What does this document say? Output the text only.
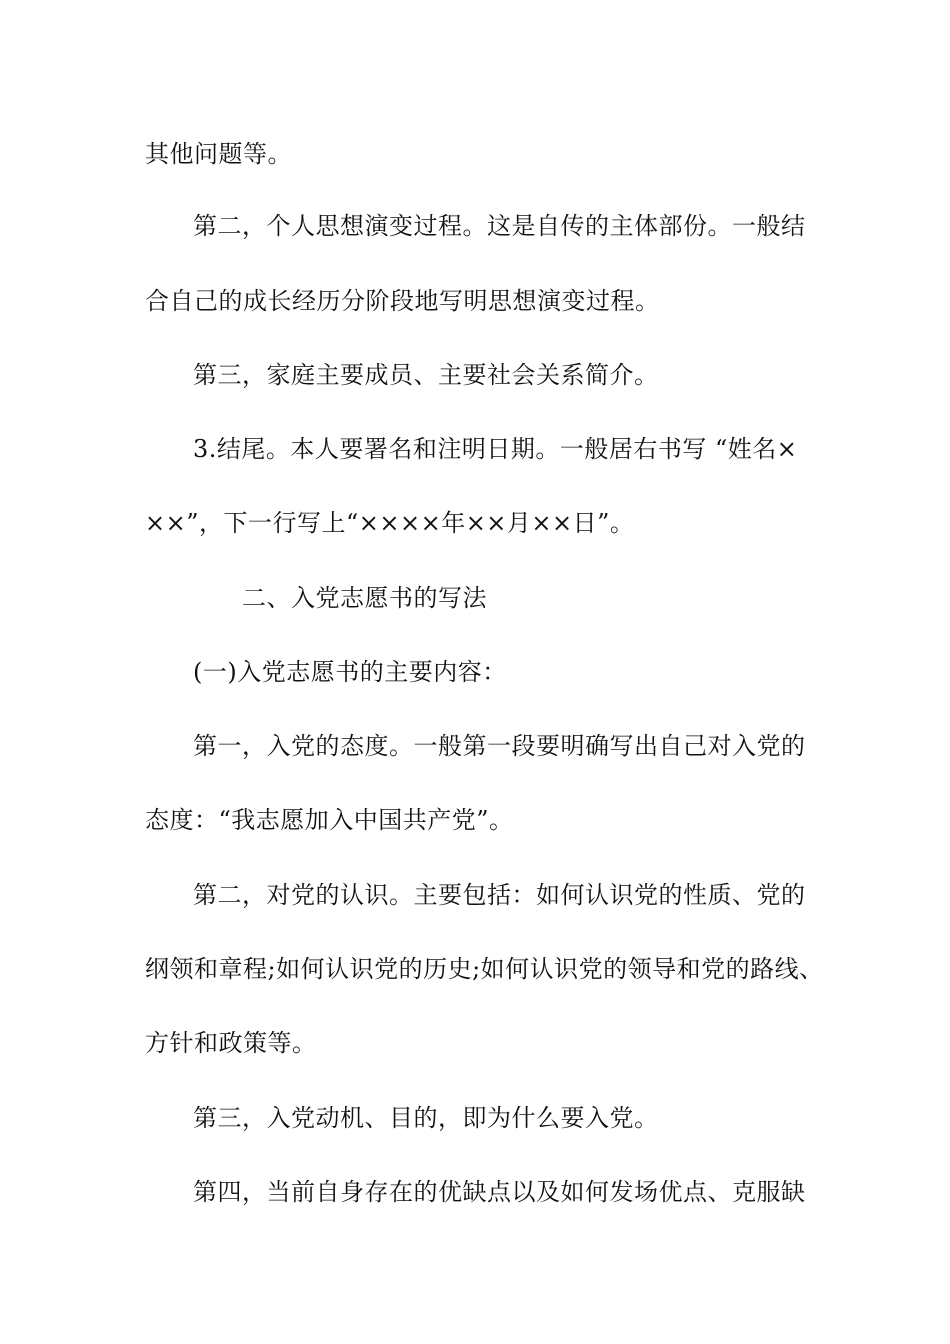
其他问题等。
第二，个人思想演变过程。这是自传的主体部份。一般结
合自己的成长经历分阶段地写明思想演变过程。
第三，家庭主要成员、主要社会关系简介。
3.结尾。本人要署名和注明日期。一般居右书写 “姓名×
××”，下一行写上“××××年××月××日”。
二、入党志愿书的写法
(一)入党志愿书的主要内容：
第一，入党的态度。一般第一段要明确写出自己对入党的
态度：“我志愿加入中国共产党”。
第二，对党的认识。主要包括：如何认识党的性质、党的
纲领和章程;如何认识党的历史;如何认识党的领导和党的路线、
方针和政策等。
第三，入党动机、目的，即为什么要入党。
第四，当前自身存在的优缺点以及如何发场优点、克服缺
